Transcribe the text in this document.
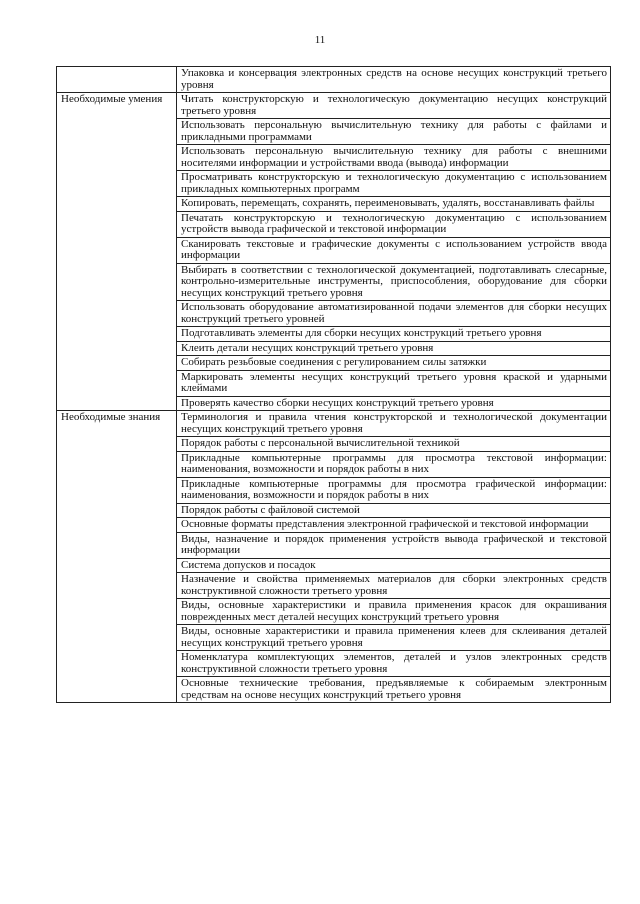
11
	Упаковка и консервация электронных средств на основе несущих конструкций третьего уровня
Необходимые умения	Читать конструкторскую и технологическую документацию несущих конструкций третьего уровня
	Использовать персональную вычислительную технику для работы с файлами и прикладными программами
	Использовать персональную вычислительную технику для работы с внешними носителями информации и устройствами ввода (вывода) информации
	Просматривать конструкторскую и технологическую документацию с использованием прикладных компьютерных программ
	Копировать, перемещать, сохранять, переименовывать, удалять, восстанавливать файлы
	Печатать конструкторскую и технологическую документацию с использованием устройств вывода графической и текстовой информации
	Сканировать текстовые и графические документы с использованием устройств ввода информации
	Выбирать в соответствии с технологической документацией, подготавливать слесарные, контрольно-измерительные инструменты, приспособления, оборудование для сборки несущих конструкций третьего уровня
	Использовать оборудование автоматизированной подачи элементов для сборки несущих конструкций третьего уровней
	Подготавливать элементы для сборки несущих конструкций третьего уровня
	Клеить детали несущих конструкций третьего уровня
	Собирать резьбовые соединения с регулированием силы затяжки
	Маркировать элементы несущих конструкций третьего уровня краской и ударными клеймами
	Проверять качество сборки несущих конструкций третьего уровня
Необходимые знания	Терминология и правила чтения конструкторской и технологической документации несущих конструкций третьего уровня
	Порядок работы с персональной вычислительной техникой
	Прикладные компьютерные программы для просмотра текстовой информации: наименования, возможности и порядок работы в них
	Прикладные компьютерные программы для просмотра графической информации: наименования, возможности и порядок работы в них
	Порядок работы с файловой системой
	Основные форматы представления электронной графической и текстовой информации
	Виды, назначение и порядок применения устройств вывода графической и текстовой информации
	Система допусков и посадок
	Назначение и свойства применяемых материалов для сборки электронных средств конструктивной сложности третьего уровня
	Виды, основные характеристики и правила применения красок для окрашивания поврежденных мест деталей несущих конструкций третьего уровня
	Виды, основные характеристики и правила применения клеев для склеивания деталей несущих конструкций третьего уровня
	Номенклатура комплектующих элементов, деталей и узлов электронных средств конструктивной сложности третьего уровня
	Основные технические требования, предъявляемые к собираемым электронным средствам на основе несущих конструкций третьего уровня
